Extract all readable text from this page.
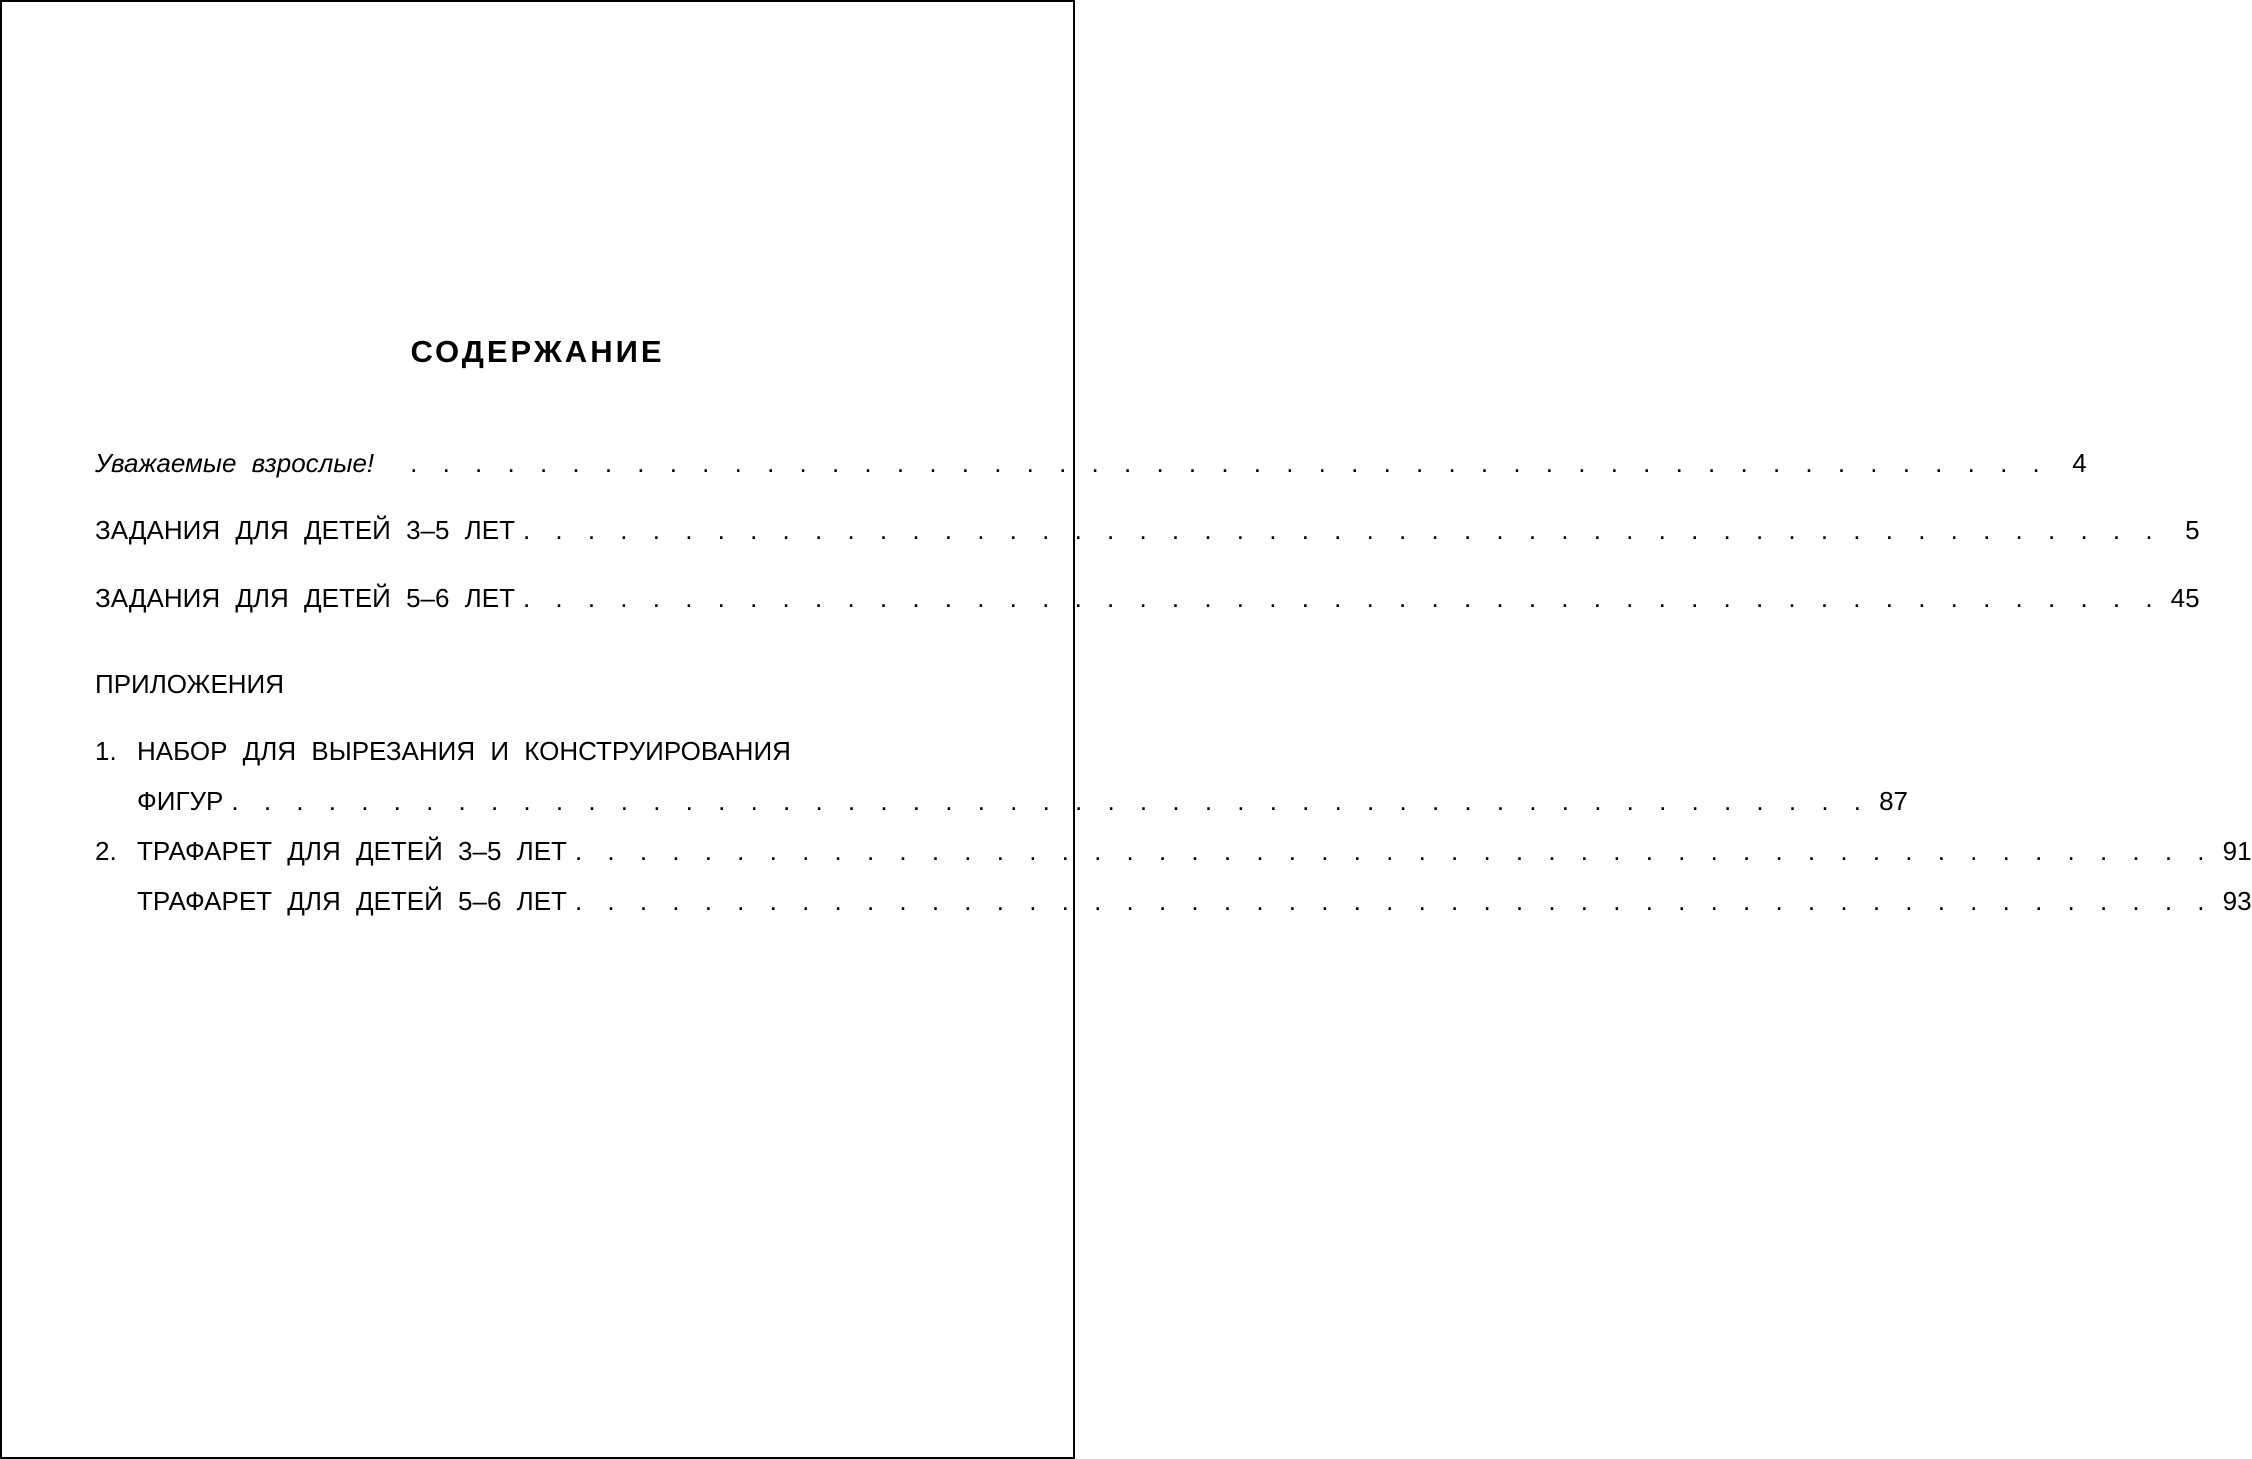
СОДЕРЖАНИЕ
Уважаемые взрослые! . . . . . . . . . . . . . . . . . . . . . . . . . . . . . . . . . . . . . . . . . . . . . . . . . . . 4
ЗАДАНИЯ ДЛЯ ДЕТЕЙ 3–5 ЛЕТ . . . . . . . . . . . . . . . . . . . . . . . . . . . . . . . . . . . . . . . . . . . . . . . . . . . 5
ЗАДАНИЯ ДЛЯ ДЕТЕЙ 5–6 ЛЕТ . . . . . . . . . . . . . . . . . . . . . . . . . . . . . . . . . . . . . . . . . . . . . . . . . . . 45
ПРИЛОЖЕНИЯ
1. НАБОР ДЛЯ ВЫРЕЗАНИЯ И КОНСТРУИРОВАНИЯ
ФИГУР . . . . . . . . . . . . . . . . . . . . . . . . . . . . . . . . . . . . . . . . . . . . . . . . . . . 87
2. ТРАФАРЕТ ДЛЯ ДЕТЕЙ 3–5 ЛЕТ . . . . . . . . . . . . . . . . . . . . . . . . . . . . . . . . . . . . . . . . . . . . . . . . . . . 91
ТРАФАРЕТ ДЛЯ ДЕТЕЙ 5–6 ЛЕТ . . . . . . . . . . . . . . . . . . . . . . . . . . . . . . . . . . . . . . . . . . . . . . . . . . . 93
